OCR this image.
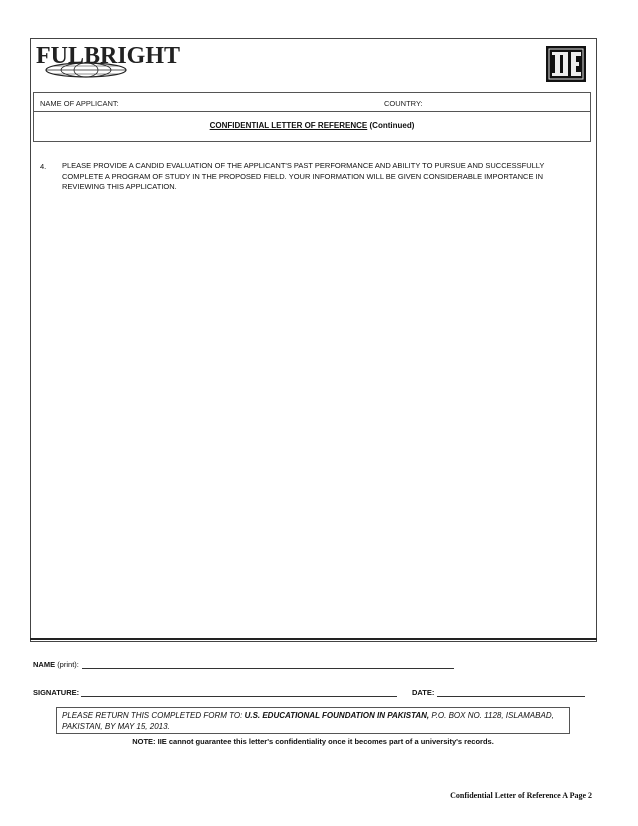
FULBRIGHT
NAME OF APPLICANT:	COUNTRY:
CONFIDENTIAL LETTER OF REFERENCE (Continued)
4. PLEASE PROVIDE A CANDID EVALUATION OF THE APPLICANT'S PAST PERFORMANCE AND ABILITY TO PURSUE AND SUCCESSFULLY COMPLETE A PROGRAM OF STUDY IN THE PROPOSED FIELD. YOUR INFORMATION WILL BE GIVEN CONSIDERABLE IMPORTANCE IN REVIEWING THIS APPLICATION.
NAME (print):
SIGNATURE:	DATE:
PLEASE RETURN THIS COMPLETED FORM TO: U.S. EDUCATIONAL FOUNDATION IN PAKISTAN, P.O. BOX NO. 1128, ISLAMABAD, PAKISTAN, BY MAY 15, 2013.
NOTE: IIE cannot guarantee this letter's confidentiality once it becomes part of a university's records.
Confidential Letter of Reference A Page 2
